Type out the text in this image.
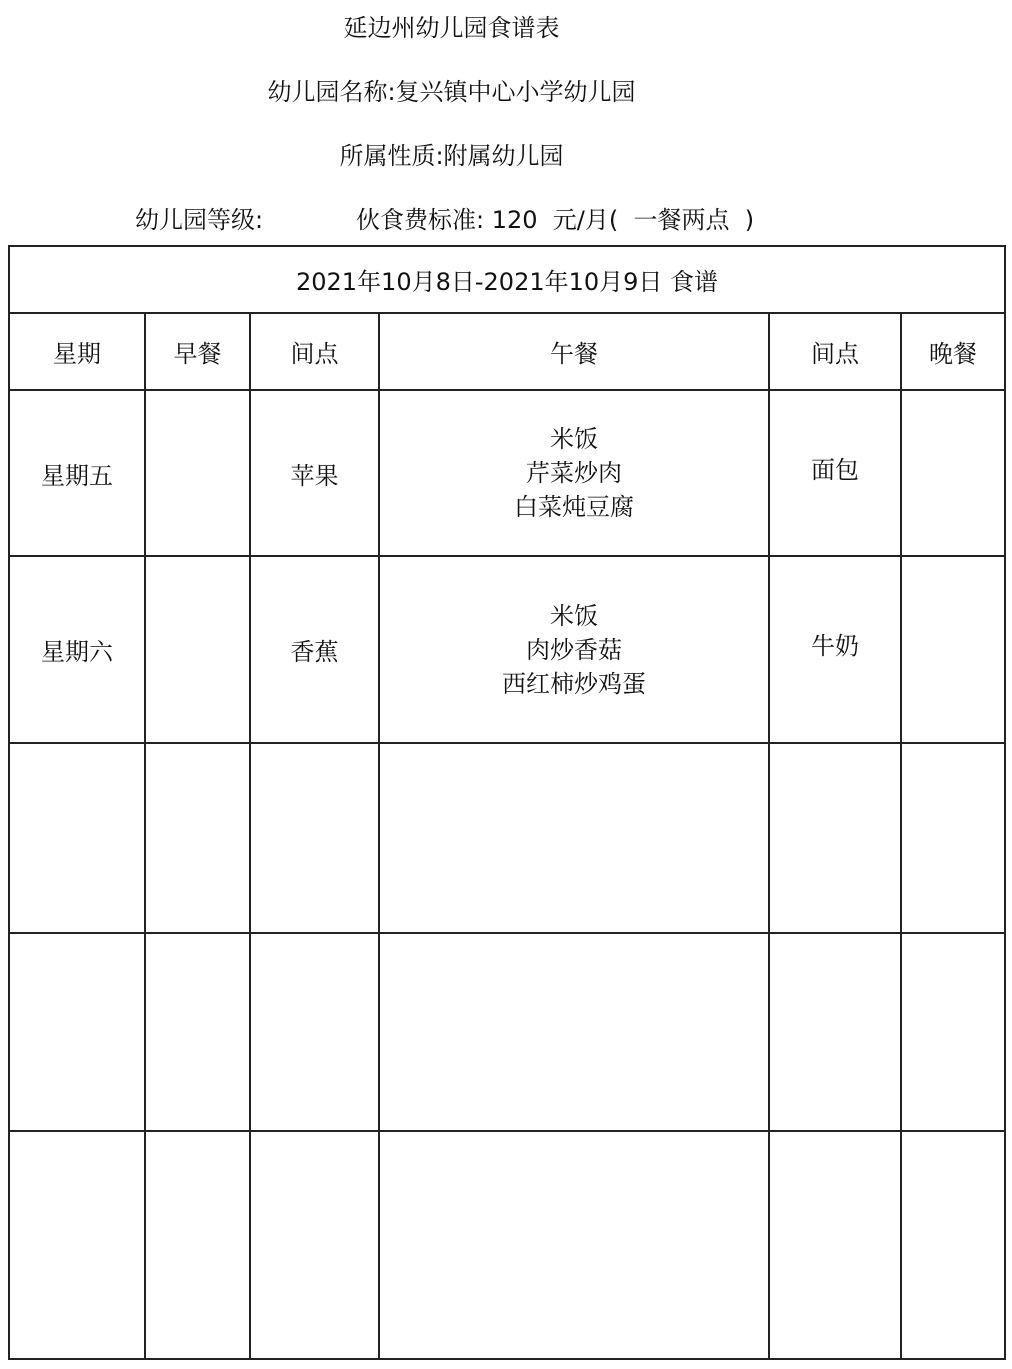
延边州幼儿园食谱表
幼儿园名称:复兴镇中心小学幼儿园
所属性质:附属幼儿园
幼儿园等级:	伙食费标准: 120  元/月(  一餐两点  )
2021年10月8日-2021年10月9日 食谱					
星期	早餐	间点	午餐	间点	晚餐
星期五		苹果	米饭
芹菜炒肉
白菜炖豆腐	面包	
星期六		香蕉	米饭
肉炒香菇
西红柿炒鸡蛋	牛奶	
